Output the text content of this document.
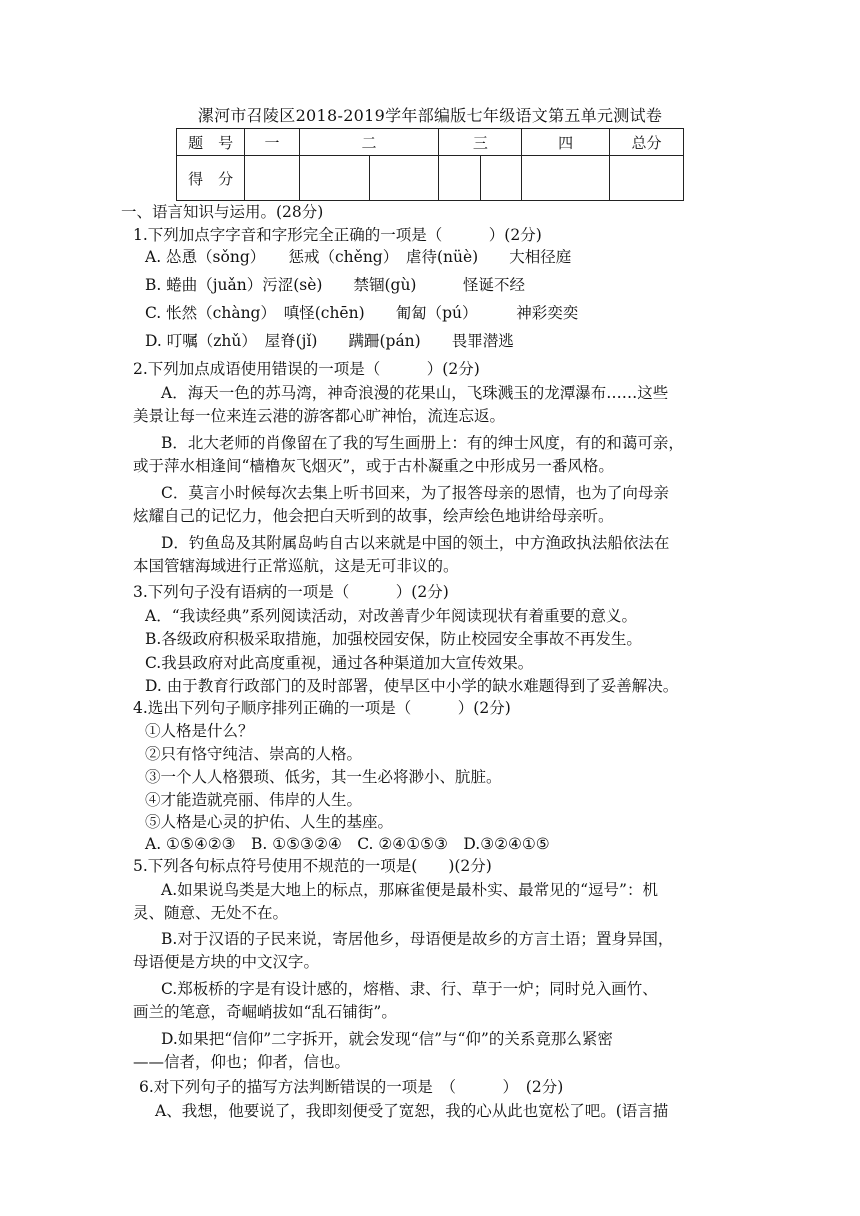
漯河市召陵区2018-2019学年部编版七年级语文第五单元测试卷
题　号	一	二		三		四	总分
得　分							
一、语言知识与运用。(28分)
1.下列加点字字音和字形完全正确的一项是（　　　）(2分)
A. 怂恿（sǒng）　　惩戒（chěng）　虐待(nüè)　　大相径庭
B. 蜷曲（juǎn）污涩(sè)　　禁锢(gù)　　　怪诞不经
C. 怅然（chàng）　嗔怪(chēn)　　匍匐（pú）　　　神彩奕奕
D. 叮嘱（zhǔ）　屋脊(jǐ)　　蹒跚(pán)　　畏罪潜逃
2.下列加点成语使用错误的一项是（　　　）(2分)
A．海天一色的苏马湾，神奇浪漫的花果山，飞珠溅玉的龙潭瀑布……这些
美景让每一位来连云港的游客都心旷神怡，流连忘返。
B．北大老师的肖像留在了我的写生画册上：有的绅士风度，有的和蔼可亲，
或于萍水相逢间“樯橹灰飞烟灭”，或于古朴凝重之中形成另一番风格。
C．莫言小时候每次去集上听书回来，为了报答母亲的恩情，也为了向母亲
炫耀自己的记忆力，他会把白天听到的故事，绘声绘色地讲给母亲听。
D．钓鱼岛及其附属岛屿自古以来就是中国的领土，中方渔政执法船依法在
本国管辖海域进行正常巡航，这是无可非议的。
3.下列句子没有语病的一项是（　　　）(2分)
A．“我读经典”系列阅读活动，对改善青少年阅读现状有着重要的意义。
B.各级政府积极采取措施，加强校园安保，防止校园安全事故不再发生。
C.我县政府对此高度重视，通过各种渠道加大宣传效果。
D. 由于教育行政部门的及时部署，使旱区中小学的缺水难题得到了妥善解决。
4.选出下列句子顺序排列正确的一项是（　　　）(2分)
①人格是什么？
②只有恪守纯洁、崇高的人格。
③一个人人格猥琐、低劣，其一生必将渺小、肮脏。
④才能造就亮丽、伟岸的人生。
⑤人格是心灵的护佑、人生的基座。
A. ①⑤④②③　B. ①⑤③②④　C. ②④①⑤③　D.③②④①⑤
5.下列各句标点符号使用不规范的一项是(　　)(2分)
A.如果说鸟类是大地上的标点，那麻雀便是最朴实、最常见的“逗号”：机
灵、随意、无处不在。
B.对于汉语的子民来说，寄居他乡，母语便是故乡的方言土语；置身异国，
母语便是方块的中文汉字。
C.郑板桥的字是有设计感的，熔楷、隶、行、草于一炉；同时兑入画竹、
画兰的笔意，奇崛峭拔如“乱石铺街”。
D.如果把“信仰”二字拆开，就会发现“信”与“仰”的关系竟那么紧密
——信者，仰也；仰者，信也。
6.对下列句子的描写方法判断错误的一项是　（　　　）　(2分)
A、我想，他要说了，我即刻便受了宽恕，我的心从此也宽松了吧。(语言描
